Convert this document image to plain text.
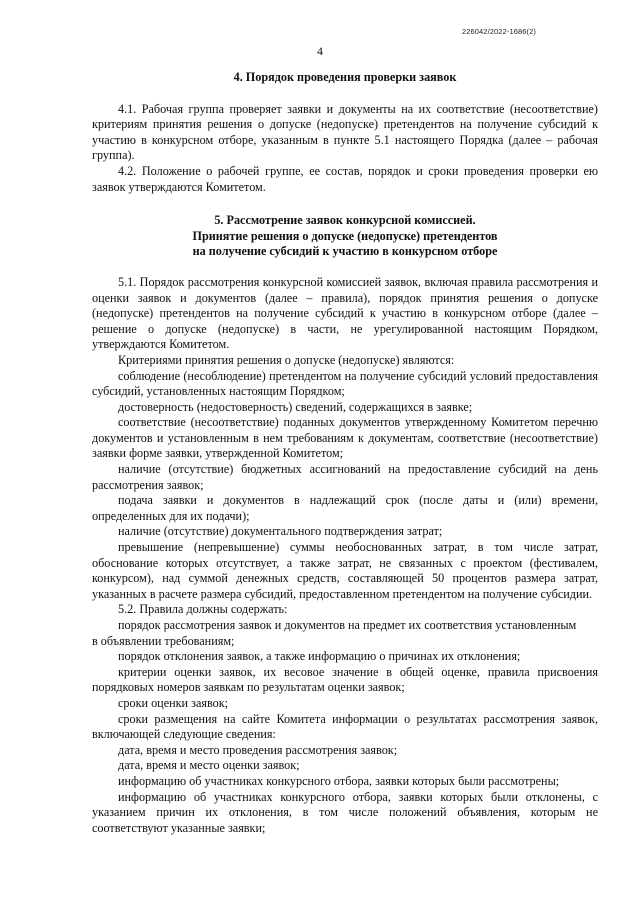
226042/2022-1686(2)
4
4. Порядок проведения проверки заявок

4.1. Рабочая группа проверяет заявки и документы на их соответствие (несоответствие) критериям принятия решения о допуске (недопуске) претендентов на получение субсидий к участию в конкурсном отборе, указанным в пункте 5.1 настоящего Порядка (далее – рабочая группа).

4.2. Положение о рабочей группе, ее состав, порядок и сроки проведения проверки ею заявок утверждаются Комитетом.

5. Рассмотрение заявок конкурсной комиссией.
Принятие решения о допуске (недопуске) претендентов
на получение субсидий к участию в конкурсном отборе

5.1. Порядок рассмотрения конкурсной комиссией заявок, включая правила рассмотрения и оценки заявок и документов (далее – правила), порядок принятия решения о допуске (недопуске) претендентов на получение субсидий к участию в конкурсном отборе (далее – решение о допуске (недопуске) в части, не урегулированной настоящим Порядком, утверждаются Комитетом.

Критериями принятия решения о допуске (недопуске) являются:

соблюдение (несоблюдение) претендентом на получение субсидий условий предоставления субсидий, установленных настоящим Порядком;

достоверность (недостоверность) сведений, содержащихся в заявке;

соответствие (несоответствие) поданных документов утвержденному Комитетом перечню документов и установленным в нем требованиям к документам, соответствие (несоответствие) заявки форме заявки, утвержденной Комитетом;

наличие (отсутствие) бюджетных ассигнований на предоставление субсидий на день рассмотрения заявок;

подача заявки и документов в надлежащий срок (после даты и (или) времени, определенных для их подачи);

наличие (отсутствие) документального подтверждения затрат;

превышение (непревышение) суммы необоснованных затрат, в том числе затрат, обоснование которых отсутствует, а также затрат, не связанных с проектом (фестивалем, конкурсом), над суммой денежных средств, составляющей 50 процентов размера затрат, указанных в расчете размера субсидий, предоставленном претендентом на получение субсидии.

5.2. Правила должны содержать:

порядок рассмотрения заявок и документов на предмет их соответствия установленным

в объявлении требованиям;

порядок отклонения заявок, а также информацию о причинах их отклонения;

критерии оценки заявок, их весовое значение в общей оценке, правила присвоения порядковых номеров заявкам по результатам оценки заявок;

сроки оценки заявок;

сроки размещения на сайте Комитета информации о результатах рассмотрения заявок, включающей следующие сведения:

дата, время и место проведения рассмотрения заявок;

дата, время и место оценки заявок;

информацию об участниках конкурсного отбора, заявки которых были рассмотрены;

информацию об участниках конкурсного отбора, заявки которых были отклонены, с указанием причин их отклонения, в том числе положений объявления, которым не соответствуют указанные заявки;
